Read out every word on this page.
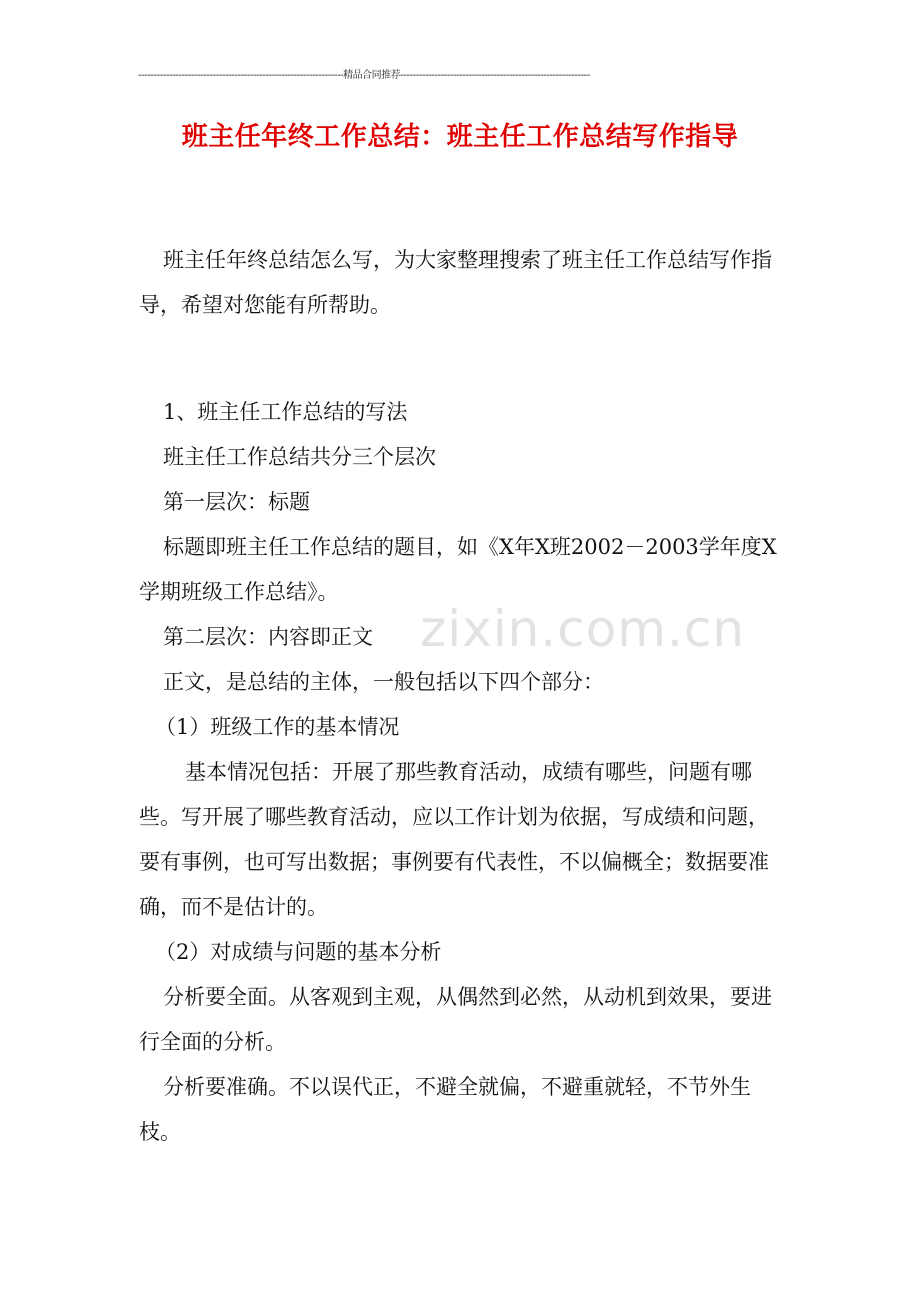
------------------------------------------------------------------精品合同推荐-------------------------------------------------------------
班主任年终工作总结：班主任工作总结写作指导
zixin.com.cn

班主任年终总结怎么写，为大家整理搜索了班主任工作总结写作指导，希望对您能有所帮助。

1、班主任工作总结的写法

班主任工作总结共分三个层次

第一层次：标题

标题即班主任工作总结的题目，如《X年X班2002－2003学年度X学期班级工作总结》。

第二层次：内容即正文

正文，是总结的主体，一般包括以下四个部分：

（1）班级工作的基本情况

基本情况包括：开展了那些教育活动，成绩有哪些，问题有哪些。写开展了哪些教育活动，应以工作计划为依据，写成绩和问题，要有事例，也可写出数据；事例要有代表性，不以偏概全；数据要准确，而不是估计的。

（2）对成绩与问题的基本分析

分析要全面。从客观到主观，从偶然到必然，从动机到效果，要进行全面的分析。

分析要准确。不以误代正，不避全就偏，不避重就轻，不节外生枝。
